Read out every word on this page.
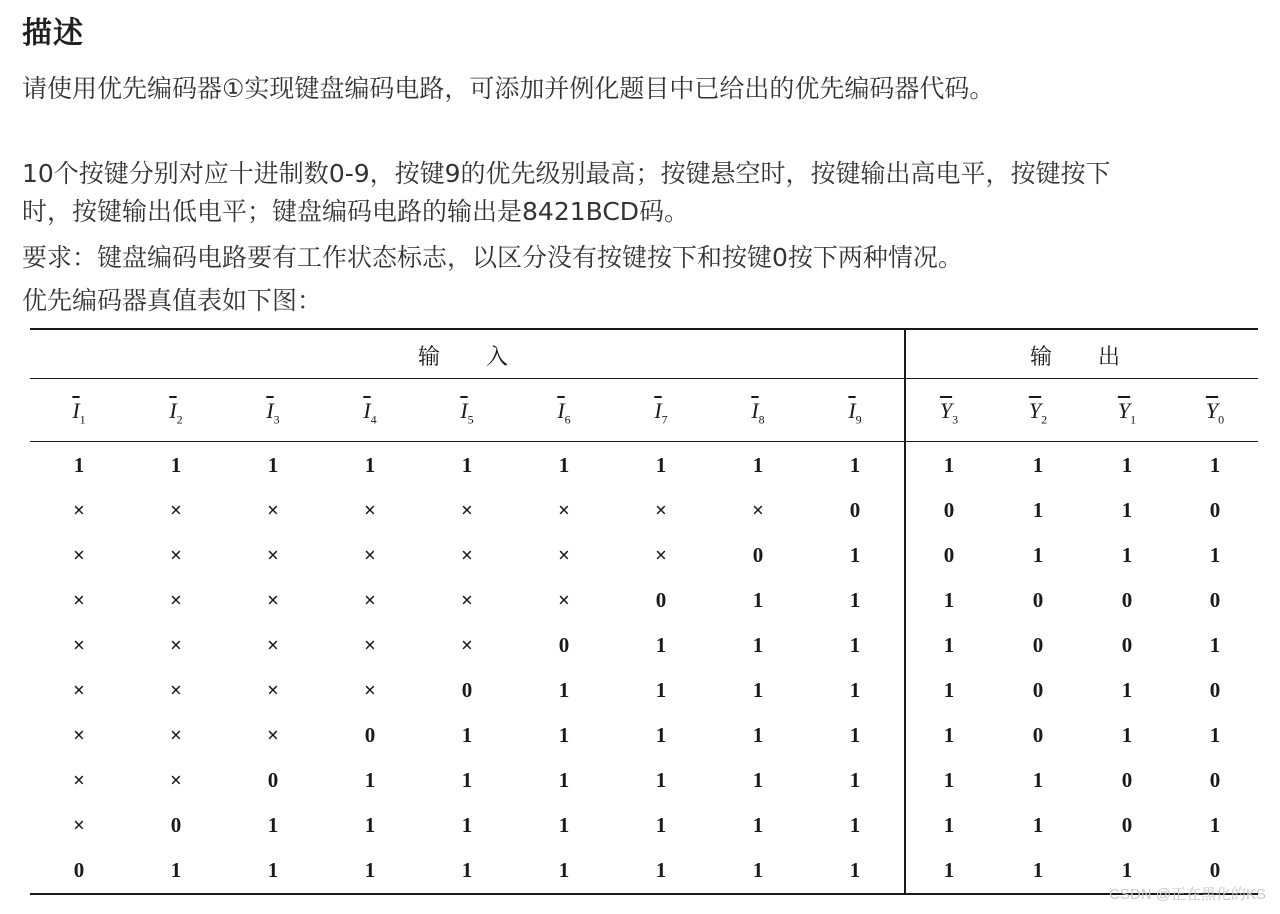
描述
请使用优先编码器①实现键盘编码电路，可添加并例化题目中已给出的优先编码器代码。
10个按键分别对应十进制数0-9，按键9的优先级别最高；按键悬空时，按键输出高电平，按键按下
时，按键输出低电平；键盘编码电路的输出是8421BCD码。
要求：键盘编码电路要有工作状态标志，以区分没有按键按下和按键0按下两种情况。
优先编码器真值表如下图：
输入	输出
$\overline{I}_1$	$\overline{I}_2$	$\overline{I}_3$	$\overline{I}_4$	$\overline{I}_5$	$\overline{I}_6$	$\overline{I}_7$	$\overline{I}_8$	$\overline{I}_9$	$\overline{Y}_3$	$\overline{Y}_2$	$\overline{Y}_1$	$\overline{Y}_0$
1	1	1	1	1	1	1	1	1	1	1	1	1
×	×	×	×	×	×	×	×	0	0	1	1	0
×	×	×	×	×	×	×	0	1	0	1	1	1
×	×	×	×	×	×	0	1	1	1	0	0	0
×	×	×	×	×	0	1	1	1	1	0	0	1
×	×	×	×	0	1	1	1	1	1	0	1	0
×	×	×	0	1	1	1	1	1	1	0	1	1
×	×	0	1	1	1	1	1	1	1	1	0	0
×	0	1	1	1	1	1	1	1	1	1	0	1
0	1	1	1	1	1	1	1	1	1	1	1	0
CSDN @正在黑化的KS
